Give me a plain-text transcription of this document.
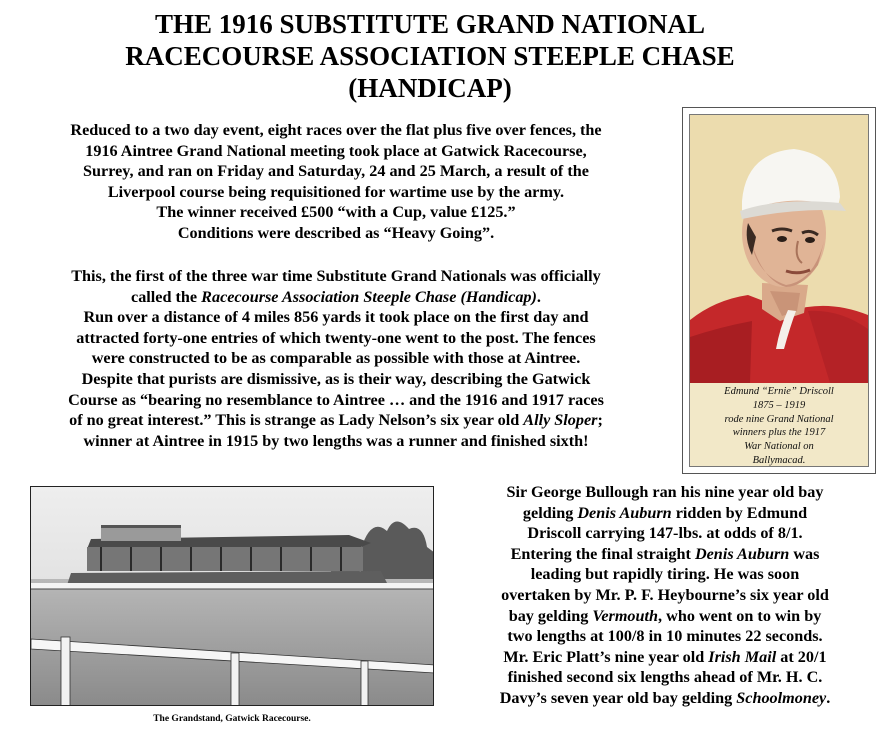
THE 1916 SUBSTITUTE GRAND NATIONAL
RACECOURSE ASSOCIATION STEEPLE CHASE
(HANDICAP)
Reduced to a two day event, eight races over the flat plus five over fences, the
1916 Aintree Grand National meeting took place at Gatwick Racecourse,
Surrey, and ran on Friday and Saturday, 24 and 25 March, a result of the
Liverpool course being requisitioned for wartime use by the army.
The winner received £500 “with a Cup, value £125.”
Conditions were described as “Heavy Going”.
This, the first of the three war time Substitute Grand Nationals was officially
called the Racecourse Association Steeple Chase (Handicap).
Run over a distance of 4 miles 856 yards it took place on the first day and
attracted forty-one entries of which twenty-one went to the post. The fences
were constructed to be as comparable as possible with those at Aintree.
Despite that purists are dismissive, as is their way, describing the Gatwick
Course as “bearing no resemblance to Aintree … and the 1916 and 1917 races
of no great interest.” This is strange as Lady Nelson’s six year old Ally Sloper;
winner at Aintree in 1915 by two lengths was a runner and finished sixth!
Sir George Bullough ran his nine year old bay
gelding Denis Auburn ridden by Edmund
Driscoll carrying 147-lbs. at odds of 8/1.
Entering the final straight Denis Auburn was
leading but rapidly tiring. He was soon
overtaken by Mr. P. F. Heybourne’s six year old
bay gelding Vermouth, who went on to win by
two lengths at 100/8 in 10 minutes 22 seconds.
Mr. Eric Platt’s nine year old Irish Mail at 20/1
finished second six lengths ahead of Mr. H. C.
Davy’s seven year old bay gelding Schoolmoney.
Edmund “Ernie” Driscoll
1875 – 1919
rode nine Grand National
winners plus the 1917
War National on
Ballymacad.
The Grandstand, Gatwick Racecourse.
